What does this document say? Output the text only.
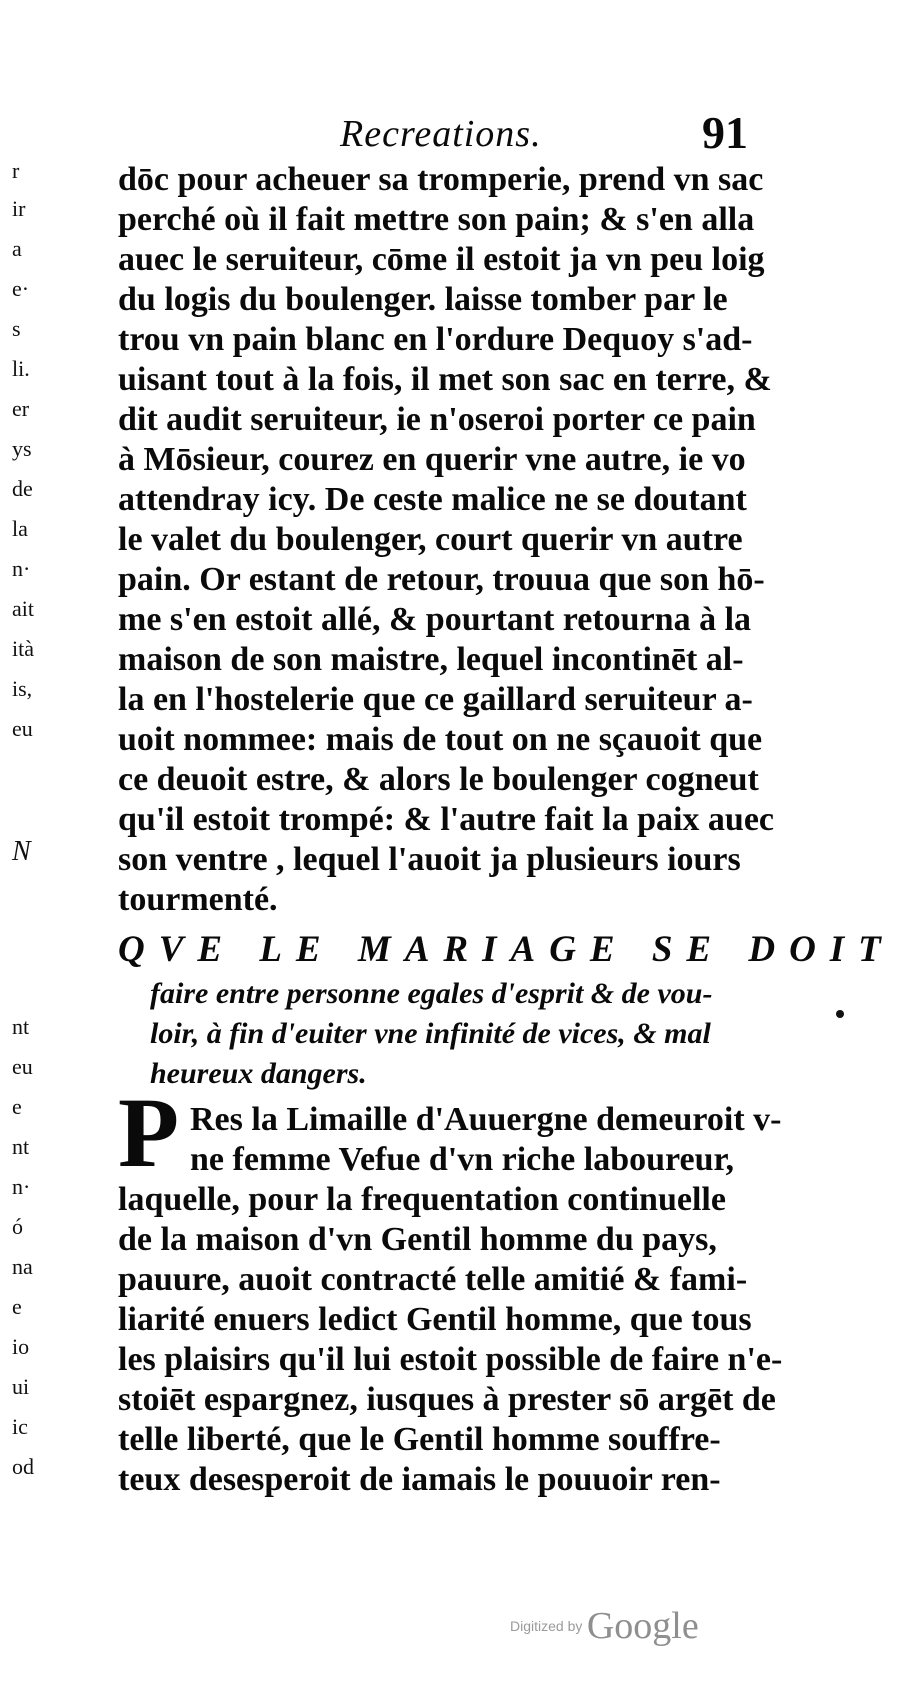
Recreations.	91
r
ir
a
e·
s
li.
er
ys
de
la
n·
ait
ità
is,
eu
N
nt
eu
e
nt
n·
ó
na
e
io
ui
ic
od
dōc pour acheuer sa tromperie, prend vn sac
perché où il fait mettre son pain; & s'en alla
auec le seruiteur, cōme il estoit ja vn peu loig
du logis du boulenger. laisse tomber par le
trou vn pain blanc en l'ordure Dequoy s'ad-
uisant tout à la fois, il met son sac en terre, &
dit audit seruiteur, ie n'oseroi porter ce pain
à Mōsieur, courez en querir vne autre, ie vo
attendray icy. De ceste malice ne se doutant
le valet du boulenger, court querir vn autre
pain. Or estant de retour, trouua que son hō-
me s'en estoit allé, & pourtant retourna à la
maison de son maistre, lequel incontinēt al-
la en l'hostelerie que ce gaillard seruiteur a-
uoit nommee: mais de tout on ne sçauoit que
ce deuoit estre, & alors le boulenger cogneut
qu'il estoit trompé: & l'autre fait la paix auec
son ventre , lequel l'auoit ja plusieurs iours
tourmenté.
QVE LE MARIAGE SE DOIT
faire entre personne egales d'esprit & de vou-
loir, à fin d'euiter vne infinité de vices, & mal
heureux dangers.
P Res la Limaille d'Auuergne demeuroit v-
ne femme Vefue d'vn riche laboureur,
laquelle, pour la frequentation continuelle
de la maison d'vn Gentil homme du pays,
pauure, auoit contracté telle amitié & fami-
liarité enuers ledict Gentil homme, que tous
les plaisirs qu'il lui estoit possible de faire n'e-
stoiēt espargnez, iusques à prester sō argēt de
telle liberté, que le Gentil homme souffre-
teux desesperoit de iamais le pouuoir ren-
Digitized by Google
